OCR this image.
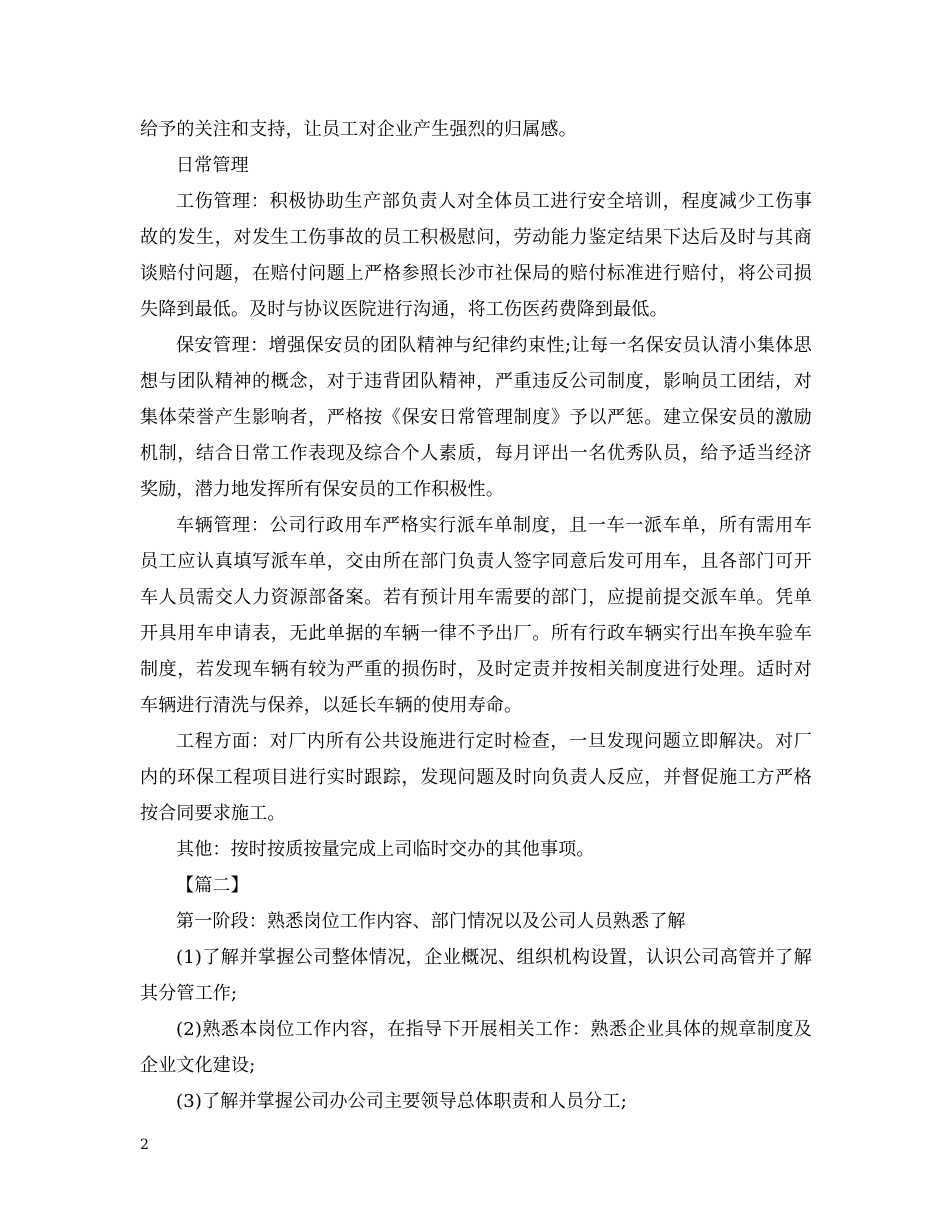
给予的关注和支持，让员工对企业产生强烈的归属感。

日常管理

工伤管理：积极协助生产部负责人对全体员工进行安全培训，程度减少工伤事故的发生，对发生工伤事故的员工积极慰问，劳动能力鉴定结果下达后及时与其商谈赔付问题，在赔付问题上严格参照长沙市社保局的赔付标准进行赔付，将公司损失降到最低。及时与协议医院进行沟通，将工伤医药费降到最低。

保安管理：增强保安员的团队精神与纪律约束性;让每一名保安员认清小集体思想与团队精神的概念，对于违背团队精神，严重违反公司制度，影响员工团结，对集体荣誉产生影响者，严格按《保安日常管理制度》予以严惩。建立保安员的激励机制，结合日常工作表现及综合个人素质，每月评出一名优秀队员，给予适当经济奖励，潜力地发挥所有保安员的工作积极性。

车辆管理：公司行政用车严格实行派车单制度，且一车一派车单，所有需用车员工应认真填写派车单，交由所在部门负责人签字同意后发可用车，且各部门可开车人员需交人力资源部备案。若有预计用车需要的部门，应提前提交派车单。凭单开具用车申请表，无此单据的车辆一律不予出厂。所有行政车辆实行出车换车验车制度，若发现车辆有较为严重的损伤时，及时定责并按相关制度进行处理。适时对车辆进行清洗与保养，以延长车辆的使用寿命。

工程方面：对厂内所有公共设施进行定时检查，一旦发现问题立即解决。对厂内的环保工程项目进行实时跟踪，发现问题及时向负责人反应，并督促施工方严格按合同要求施工。

其他：按时按质按量完成上司临时交办的其他事项。

【篇二】

第一阶段：熟悉岗位工作内容、部门情况以及公司人员熟悉了解

(1)了解并掌握公司整体情况，企业概况、组织机构设置，认识公司高管并了解其分管工作;

(2)熟悉本岗位工作内容，在指导下开展相关工作：熟悉企业具体的规章制度及企业文化建设;

(3)了解并掌握公司办公司主要领导总体职责和人员分工;

2
